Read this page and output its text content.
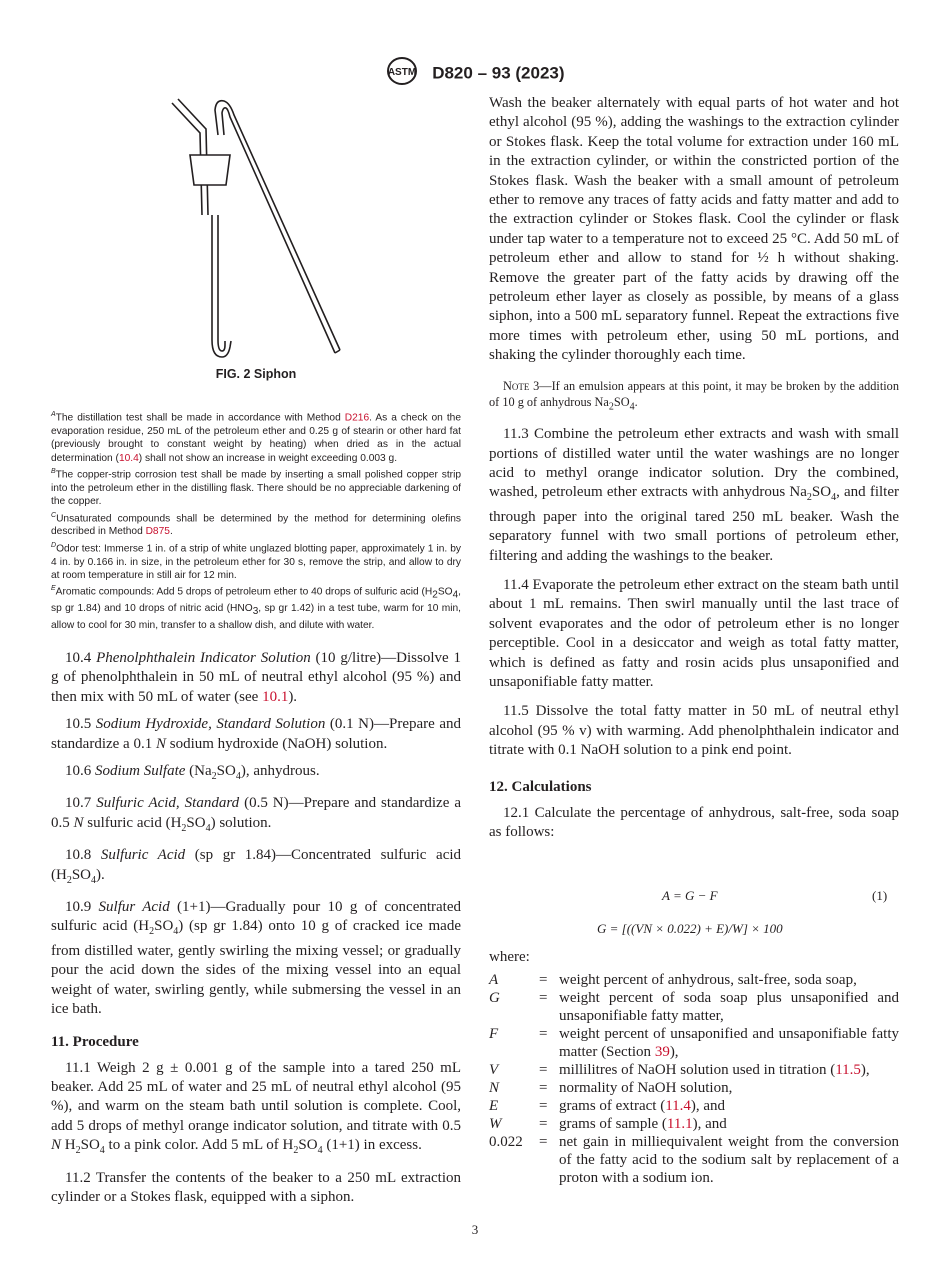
ASTM D820 – 93 (2023)
FIG. 2 Siphon

$^A$The distillation test shall be made in accordance with Method D216. As a check on the evaporation residue, 250 mL of the petroleum ether and 0.25 g of stearin or other hard fat (previously brought to constant weight by heating) when dried as in the actual determination (10.4) shall not show an increase in weight exceeding 0.003 g.

$^B$The copper-strip corrosion test shall be made by inserting a small polished copper strip into the petroleum ether in the distilling flask. There should be no appreciable darkening of the copper.

$^C$Unsaturated compounds shall be determined by the method for determining olefins described in Method D875.

$^D$Odor test: Immerse 1 in. of a strip of white unglazed blotting paper, approximately 1 in. by 4 in. by 0.166 in. in size, in the petroleum ether for 30 s, remove the strip, and allow to dry at room temperature in still air for 12 min.

$^E$Aromatic compounds: Add 5 drops of petroleum ether to 40 drops of sulfuric acid ($H_2SO_4$, sp gr 1.84) and 10 drops of nitric acid ($HNO_3$, sp gr 1.42) in a test tube, warm for 10 min, allow to cool for 30 min, transfer to a shallow dish, and dilute with water.

10.4 Phenolphthalein Indicator Solution (10 g/litre)—Dissolve 1 g of phenolphthalein in 50 mL of neutral ethyl alcohol (95 %) and then mix with 50 mL of water (see 10.1).

10.5 Sodium Hydroxide, Standard Solution (0.1 N)—Prepare and standardize a 0.1 N sodium hydroxide (NaOH) solution.

10.6 Sodium Sulfate $(Na_2SO_4)$, anhydrous.

10.7 Sulfuric Acid, Standard (0.5 N)—Prepare and standardize a 0.5 N sulfuric acid $(H_2SO_4)$ solution.

10.8 Sulfuric Acid (sp gr 1.84)—Concentrated sulfuric acid $(H_2SO_4)$.

10.9 Sulfur Acid (1+1)—Gradually pour 10 g of concentrated sulfuric acid $(H_2SO_4)$ (sp gr 1.84) onto 10 g of cracked ice made from distilled water, gently swirling the mixing vessel; or gradually pour the acid down the sides of the mixing vessel into an equal weight of water, swirling gently, while submersing the vessel in an ice bath.

11. Procedure

11.1 Weigh 2 g ± 0.001 g of the sample into a tared 250 mL beaker. Add 25 mL of water and 25 mL of neutral ethyl alcohol (95 %), and warm on the steam bath until solution is complete. Cool, add 5 drops of methyl orange indicator solution, and titrate with 0.5 N $H_2SO_4$ to a pink color. Add 5 mL of $H_2SO_4$ (1+1) in excess.

11.2 Transfer the contents of the beaker to a 250 mL extraction cylinder or a Stokes flask, equipped with a siphon.

Wash the beaker alternately with equal parts of hot water and hot ethyl alcohol (95 %), adding the washings to the extraction cylinder or Stokes flask. Keep the total volume for extraction under 160 mL in the extraction cylinder, or within the constricted portion of the Stokes flask. Wash the beaker with a small amount of petroleum ether to remove any traces of fatty acids and fatty matter and add to the extraction cylinder or Stokes flask. Cool the cylinder or flask under tap water to a temperature not to exceed 25 °C. Add 50 mL of petroleum ether and allow to stand for ½ h without shaking. Remove the greater part of the fatty acids by drawing off the petroleum ether layer as closely as possible, by means of a glass siphon, into a 500 mL separatory funnel. Repeat the extractions five more times with petroleum ether, using 50 mL portions, and shaking the cylinder thoroughly each time.

Note 3—If an emulsion appears at this point, it may be broken by the addition of 10 g of anhydrous $Na_2SO_4$.

11.3 Combine the petroleum ether extracts and wash with small portions of distilled water until the water washings are no longer acid to methyl orange indicator solution. Dry the combined, washed, petroleum ether extracts with anhydrous $Na_2SO_4$, and filter through paper into the original tared 250 mL beaker. Wash the separatory funnel with two small portions of petroleum ether, filtering and adding the washings to the beaker.

11.4 Evaporate the petroleum ether extract on the steam bath until about 1 mL remains. Then swirl manually until the last trace of solvent evaporates and the odor of petroleum ether is no longer perceptible. Cool in a desiccator and weigh as total fatty matter, which is defined as fatty and rosin acids plus unsaponified and unsaponifiable fatty matter.

11.5 Dissolve the total fatty matter in 50 mL of neutral ethyl alcohol (95 % v) with warming. Add phenolphthalein indicator and titrate with 0.1 NaOH solution to a pink end point.

12. Calculations

12.1 Calculate the percentage of anhydrous, salt-free, soda soap as follows:

A = G − F	(1)
G = [((VN × 0.022) + E)/W] × 100
where:
A	= weight percent of anhydrous, salt-free, soda soap,
G	= weight percent of soda soap plus unsaponified and unsaponifiable fatty matter,
F	= weight percent of unsaponified and unsaponifiable fatty matter (Section 39),
V	= millilitres of NaOH solution used in titration (11.5),
N	= normality of NaOH solution,
E	= grams of extract (11.4), and
W	= grams of sample (11.1), and
0.022 = net gain in milliequivalent weight from the conversion of the fatty acid to the sodium salt by replacement of a proton with a sodium ion.
3
